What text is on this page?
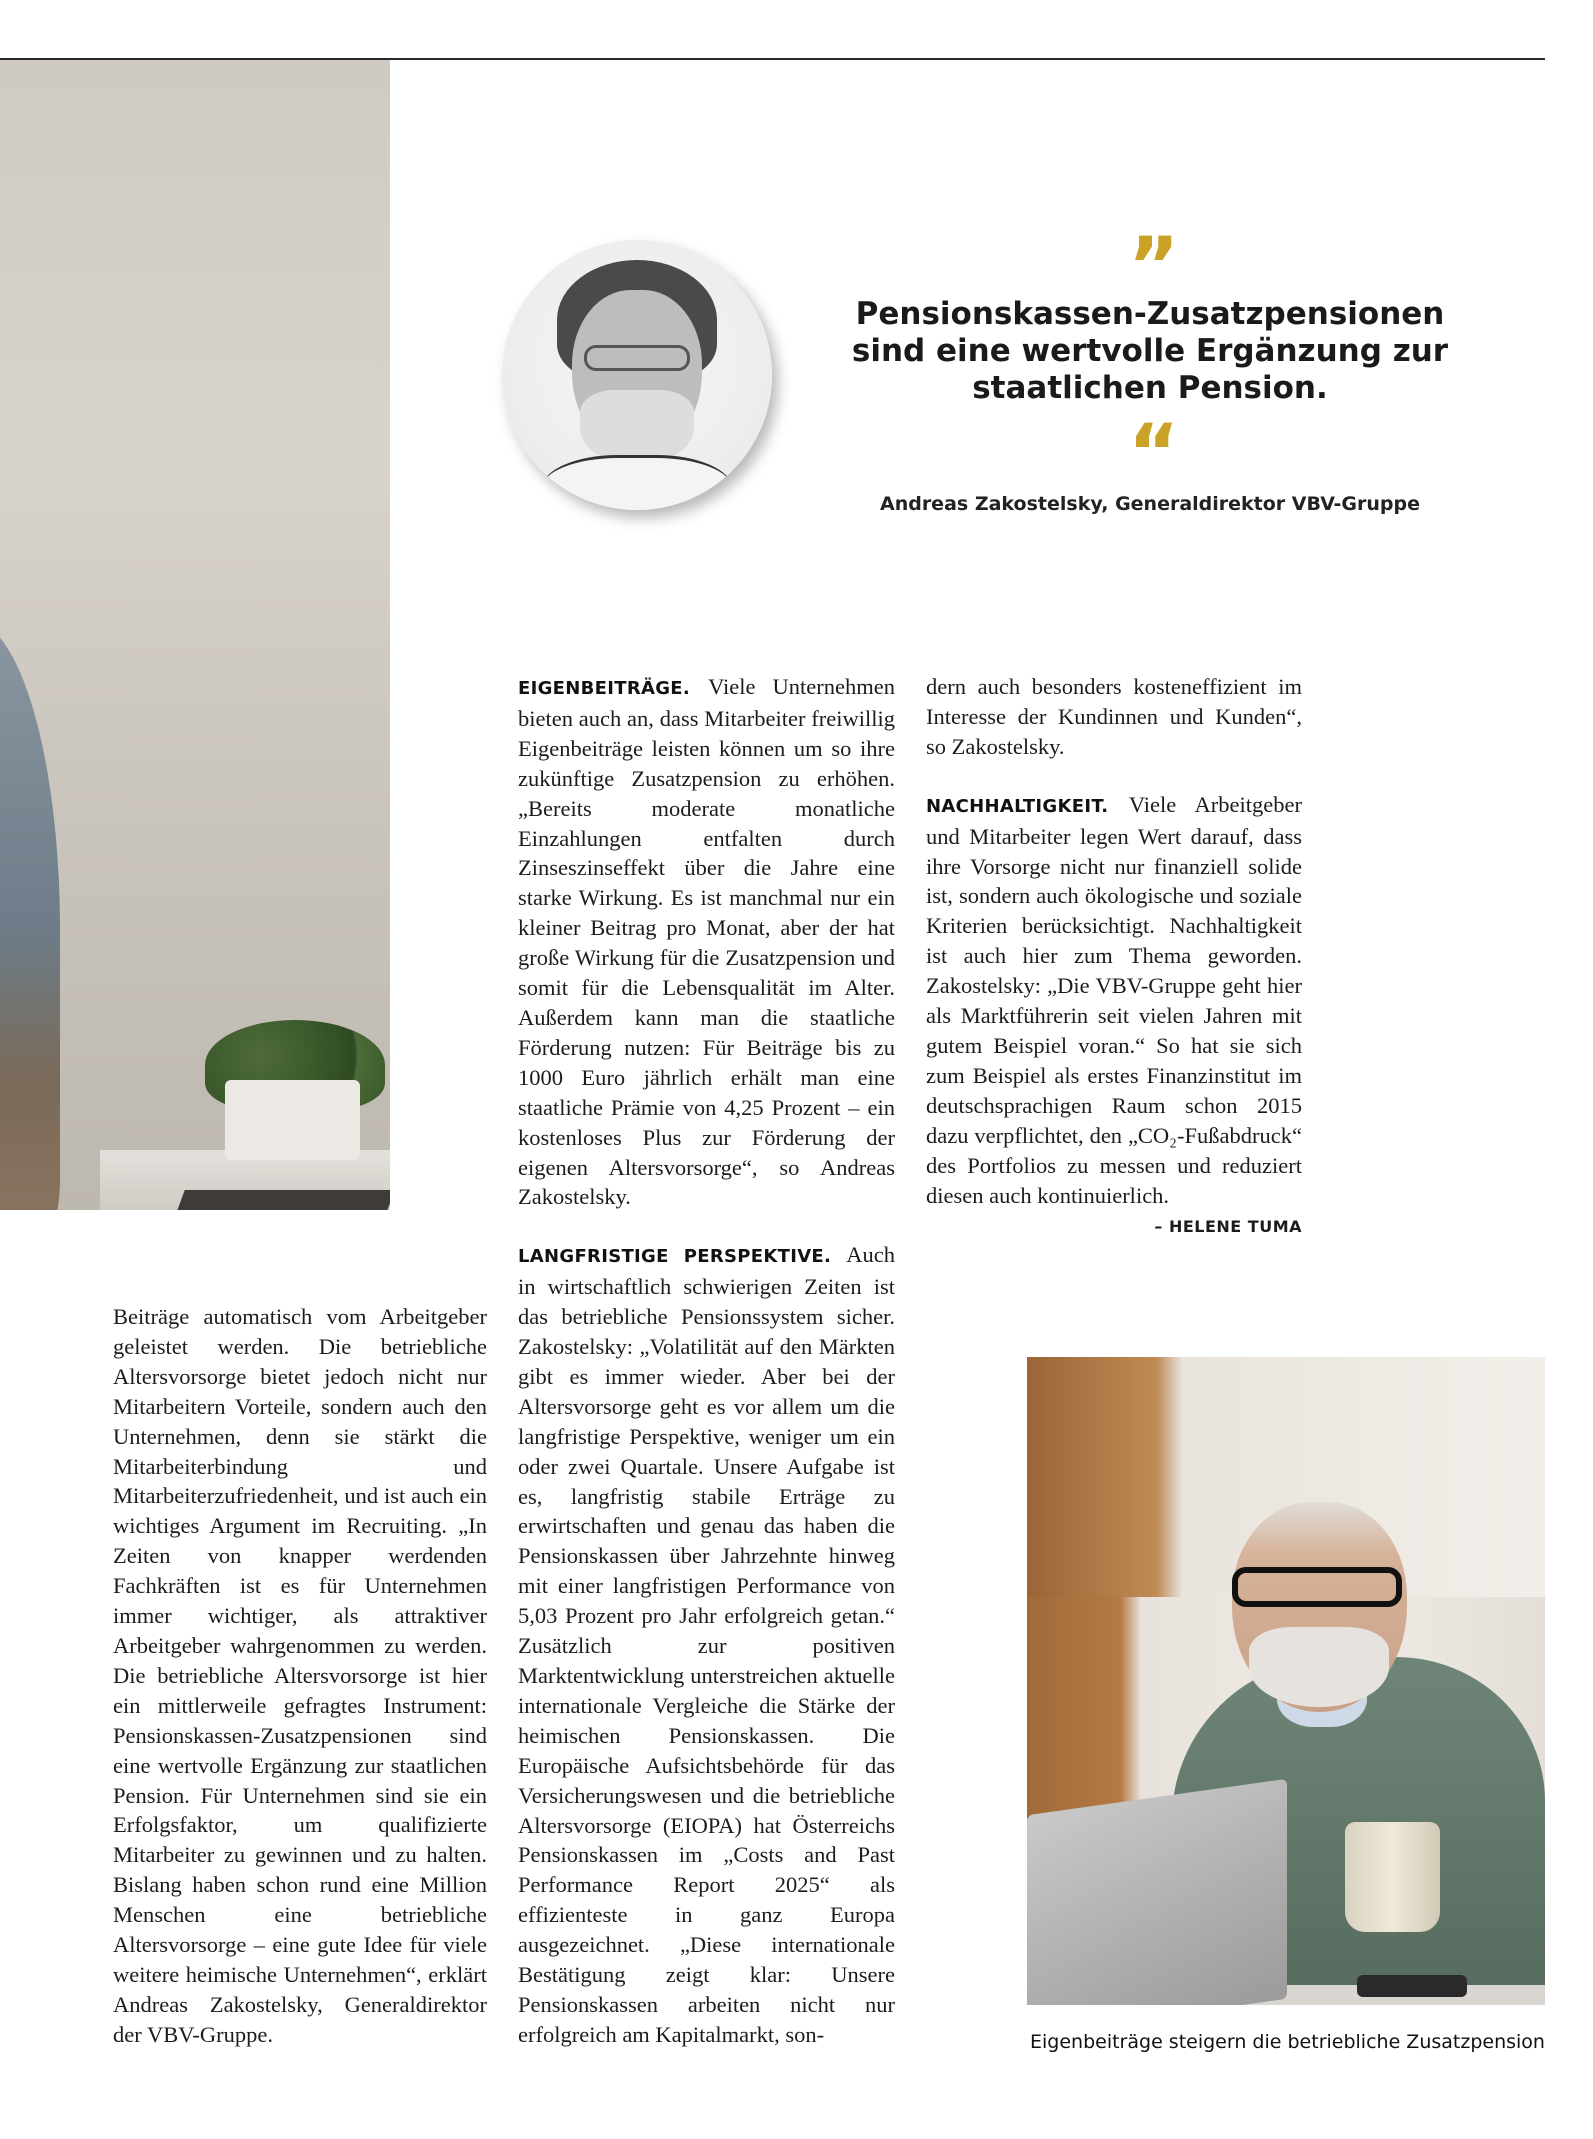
”
Pensionskassen-Zusatzpensionen sind eine wertvolle Ergänzung zur staatlichen Pension.
“
Andreas Zakostelsky, Generaldirektor VBV-Gruppe

Beiträge automatisch vom Arbeitgeber geleistet werden. Die betriebliche Altersvorsorge bietet jedoch nicht nur Mitarbeitern Vorteile, sondern auch den Unternehmen, denn sie stärkt die Mitarbeiterbindung und Mitarbeiterzufriedenheit, und ist auch ein wichtiges Argument im Recruiting. „In Zeiten von knapper werdenden Fachkräften ist es für Unternehmen immer wichtiger, als attraktiver Arbeitgeber wahrgenommen zu werden. Die betriebliche Altersvorsorge ist hier ein mittlerweile gefragtes Instrument: Pensionskassen-Zusatzpensionen sind eine wertvolle Ergänzung zur staatlichen Pension. Für Unternehmen sind sie ein Erfolgsfaktor, um qualifizierte Mitarbeiter zu gewinnen und zu halten. Bislang haben schon rund eine Million Menschen eine betriebliche Altersvorsorge – eine gute Idee für viele weitere heimische Unternehmen“, erklärt Andreas Zakostelsky, Generaldirektor der VBV-Gruppe.

EIGENBEITRÄGE. Viele Unternehmen bieten auch an, dass Mitarbeiter freiwillig Eigenbeiträge leisten können um so ihre zukünftige Zusatzpension zu erhöhen. „Bereits moderate monatliche Einzahlungen entfalten durch Zinseszinseffekt über die Jahre eine starke Wirkung. Es ist manchmal nur ein kleiner Beitrag pro Monat, aber der hat große Wirkung für die Zusatzpension und somit für die Lebensqualität im Alter. Außerdem kann man die staatliche Förderung nutzen: Für Beiträge bis zu 1000 Euro jährlich erhält man eine staatliche Prämie von 4,25 Prozent – ein kostenloses Plus zur Förderung der eigenen Altersvorsorge“, so Andreas Zakostelsky.

LANGFRISTIGE PERSPEKTIVE. Auch in wirtschaftlich schwierigen Zeiten ist das betriebliche Pensionssystem sicher. Zakostelsky: „Volatilität auf den Märkten gibt es immer wieder. Aber bei der Altersvorsorge geht es vor allem um die langfristige Perspektive, weniger um ein oder zwei Quartale. Unsere Aufgabe ist es, langfristig stabile Erträge zu erwirtschaften und genau das haben die Pensionskassen über Jahrzehnte hinweg mit einer langfristigen Performance von 5,03 Prozent pro Jahr erfolgreich getan.“ Zusätzlich zur positiven Marktentwicklung unterstreichen aktuelle internationale Vergleiche die Stärke der heimischen Pensionskassen. Die Europäische Aufsichtsbehörde für das Versicherungswesen und die betriebliche Altersvorsorge (EIOPA) hat Österreichs Pensionskassen im „Costs and Past Performance Report 2025“ als effizienteste in ganz Europa ausgezeichnet. „Diese internationale Bestätigung zeigt klar: Unsere Pensionskassen arbeiten nicht nur erfolgreich am Kapitalmarkt, son-

dern auch besonders kosteneffizient im Interesse der Kundinnen und Kunden“, so Zakostelsky.

NACHHALTIGKEIT. Viele Arbeitgeber und Mitarbeiter legen Wert darauf, dass ihre Vorsorge nicht nur finanziell solide ist, sondern auch ökologische und soziale Kriterien berücksichtigt. Nachhaltigkeit ist auch hier zum Thema geworden. Zakostelsky: „Die VBV-Gruppe geht hier als Marktführerin seit vielen Jahren mit gutem Beispiel voran.“ So hat sie sich zum Beispiel als erstes Finanzinstitut im deutschsprachigen Raum schon 2015 dazu verpflichtet, den „CO₂-Fußabdruck“ des Portfolios zu messen und reduziert diesen auch kontinuierlich.

– HELENE TUMA
Eigenbeiträge steigern die betriebliche Zusatzpension
